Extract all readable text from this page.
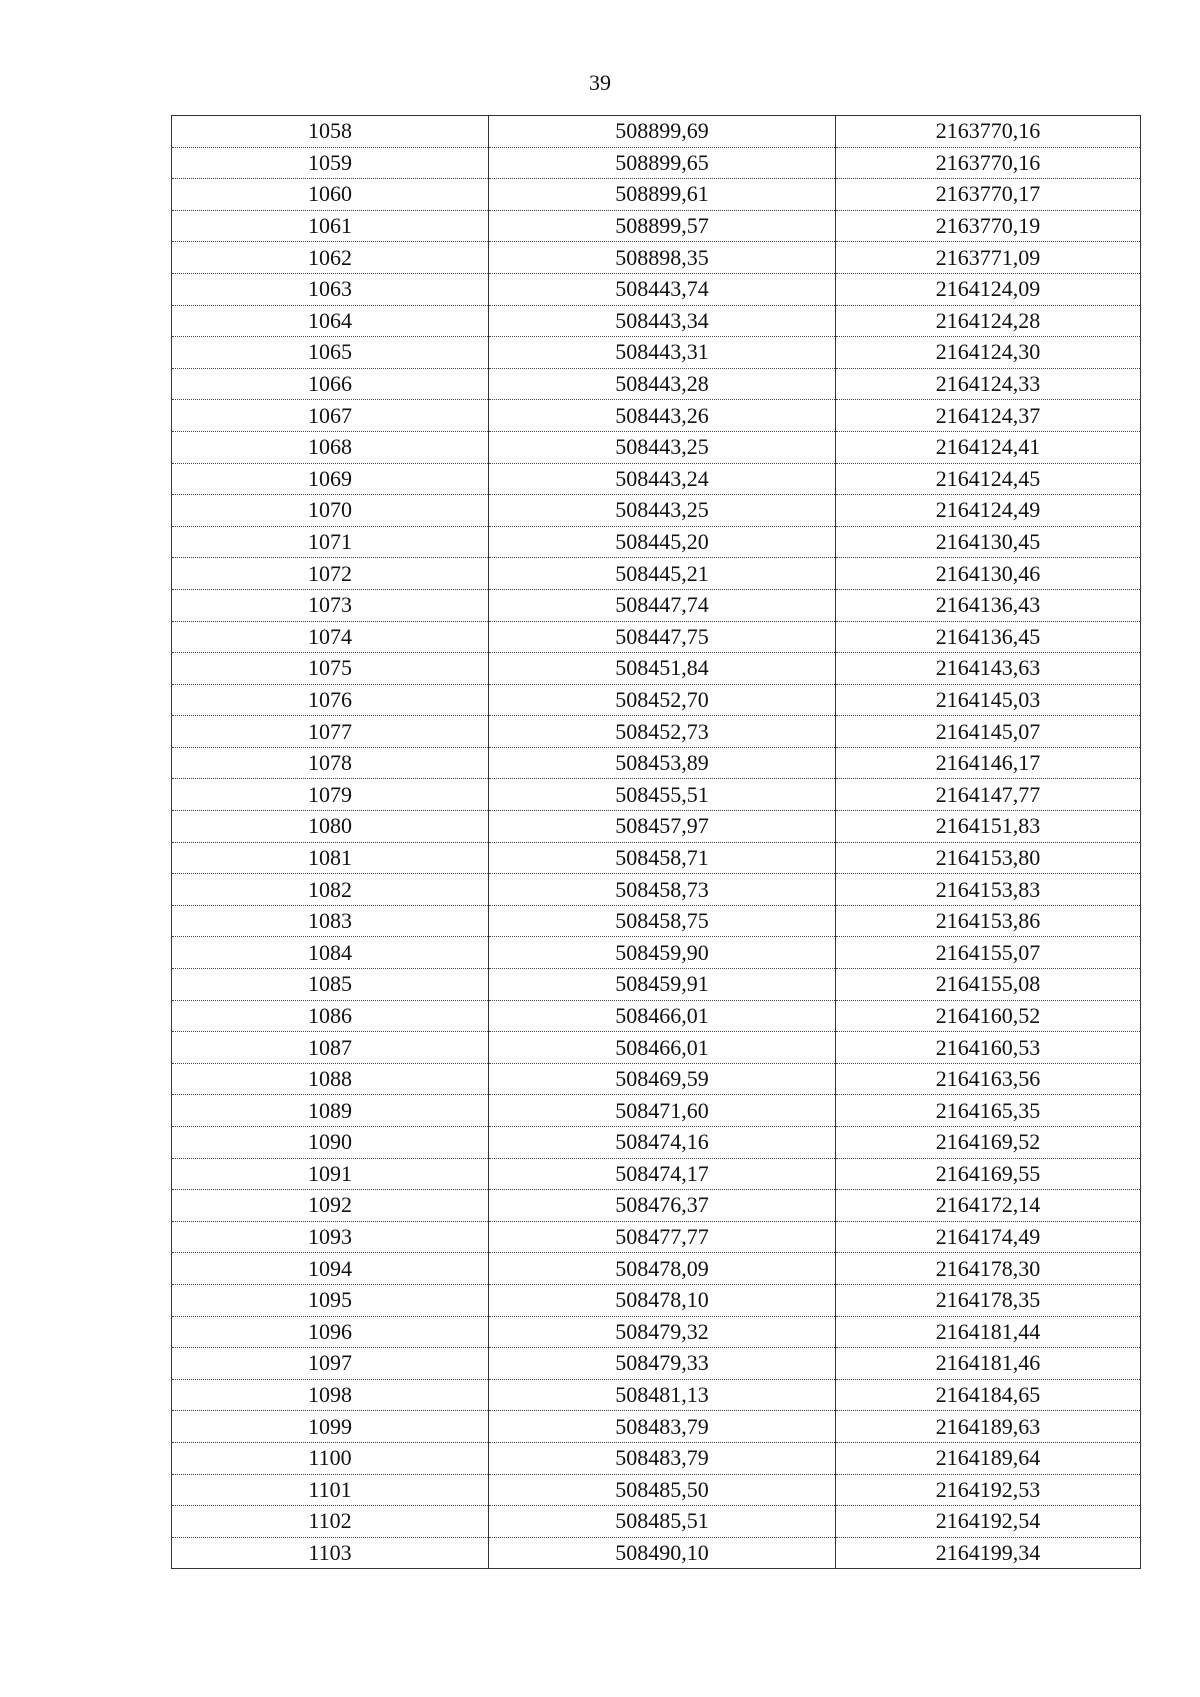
39
1058	508899,69	2163770,16
1059	508899,65	2163770,16
1060	508899,61	2163770,17
1061	508899,57	2163770,19
1062	508898,35	2163771,09
1063	508443,74	2164124,09
1064	508443,34	2164124,28
1065	508443,31	2164124,30
1066	508443,28	2164124,33
1067	508443,26	2164124,37
1068	508443,25	2164124,41
1069	508443,24	2164124,45
1070	508443,25	2164124,49
1071	508445,20	2164130,45
1072	508445,21	2164130,46
1073	508447,74	2164136,43
1074	508447,75	2164136,45
1075	508451,84	2164143,63
1076	508452,70	2164145,03
1077	508452,73	2164145,07
1078	508453,89	2164146,17
1079	508455,51	2164147,77
1080	508457,97	2164151,83
1081	508458,71	2164153,80
1082	508458,73	2164153,83
1083	508458,75	2164153,86
1084	508459,90	2164155,07
1085	508459,91	2164155,08
1086	508466,01	2164160,52
1087	508466,01	2164160,53
1088	508469,59	2164163,56
1089	508471,60	2164165,35
1090	508474,16	2164169,52
1091	508474,17	2164169,55
1092	508476,37	2164172,14
1093	508477,77	2164174,49
1094	508478,09	2164178,30
1095	508478,10	2164178,35
1096	508479,32	2164181,44
1097	508479,33	2164181,46
1098	508481,13	2164184,65
1099	508483,79	2164189,63
1100	508483,79	2164189,64
1101	508485,50	2164192,53
1102	508485,51	2164192,54
1103	508490,10	2164199,34
